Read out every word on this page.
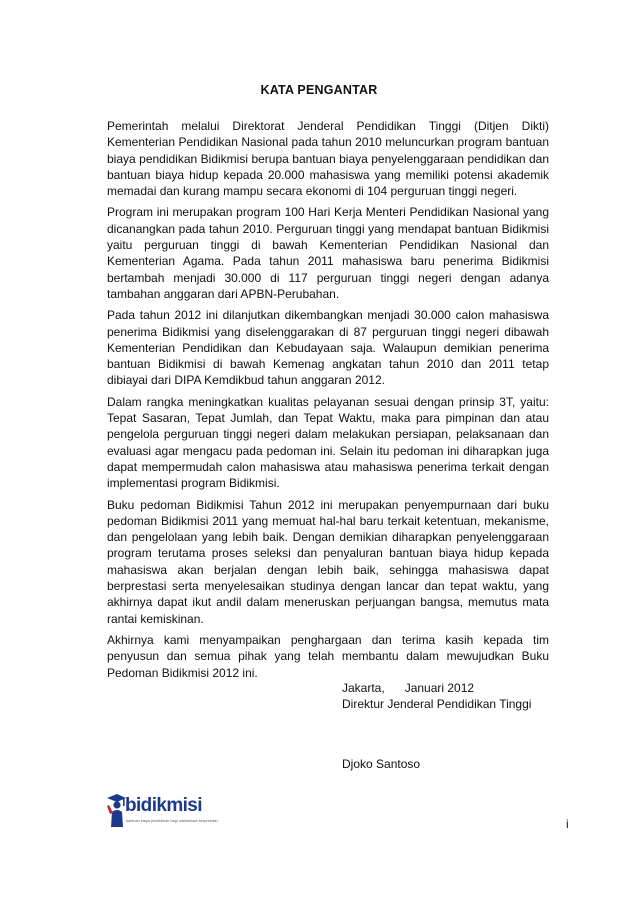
KATA PENGANTAR

Pemerintah melalui Direktorat Jenderal Pendidikan Tinggi (Ditjen Dikti) Kementerian Pendidikan Nasional pada tahun 2010 meluncurkan program bantuan biaya pendidikan Bidikmisi berupa bantuan biaya penyelenggaraan pendidikan dan bantuan biaya hidup kepada 20.000 mahasiswa yang memiliki potensi akademik memadai dan kurang mampu secara ekonomi di 104 perguruan tinggi negeri.

Program ini merupakan program 100 Hari Kerja Menteri Pendidikan Nasional yang dicanangkan pada tahun 2010. Perguruan tinggi yang mendapat bantuan Bidikmisi yaitu perguruan tinggi di bawah Kementerian Pendidikan Nasional dan Kementerian Agama. Pada tahun 2011 mahasiswa baru penerima Bidikmisi bertambah menjadi 30.000 di 117 perguruan tinggi negeri dengan adanya tambahan anggaran dari APBN-Perubahan.

Pada tahun 2012 ini dilanjutkan dikembangkan menjadi 30.000 calon mahasiswa penerima Bidikmisi yang diselenggarakan di 87 perguruan tinggi negeri dibawah Kementerian Pendidikan dan Kebudayaan saja. Walaupun demikian penerima bantuan Bidikmisi di bawah Kemenag angkatan tahun 2010 dan 2011 tetap dibiayai dari DIPA Kemdikbud tahun anggaran 2012.

Dalam rangka meningkatkan kualitas pelayanan sesuai dengan prinsip 3T, yaitu: Tepat Sasaran, Tepat Jumlah, dan Tepat Waktu, maka para pimpinan dan atau pengelola perguruan tinggi negeri dalam melakukan persiapan, pelaksanaan dan evaluasi agar mengacu pada pedoman ini. Selain itu pedoman ini diharapkan juga dapat mempermudah calon mahasiswa atau mahasiswa penerima terkait dengan implementasi program Bidikmisi.

Buku pedoman Bidikmisi Tahun 2012 ini merupakan penyempurnaan dari buku pedoman Bidikmisi 2011 yang memuat hal-hal baru terkait ketentuan, mekanisme, dan pengelolaan yang lebih baik. Dengan demikian diharapkan penyelenggaraan program terutama proses seleksi dan penyaluran bantuan biaya hidup kepada mahasiswa akan berjalan dengan lebih baik, sehingga mahasiswa dapat berprestasi serta menyelesaikan studinya dengan lancar dan tepat waktu, yang akhirnya dapat ikut andil dalam meneruskan perjuangan bangsa, memutus mata rantai kemiskinan.

Akhirnya kami menyampaikan penghargaan dan terima kasih kepada tim penyusun dan semua pihak yang telah membantu dalam mewujudkan Buku Pedoman Bidikmisi 2012 ini.

Jakarta,      Januari 2012
Direktur Jenderal Pendidikan Tinggi
Djoko Santoso
bidikmisi
bantuan biaya pendidikan bagi mahasiswa berprestasi	i
